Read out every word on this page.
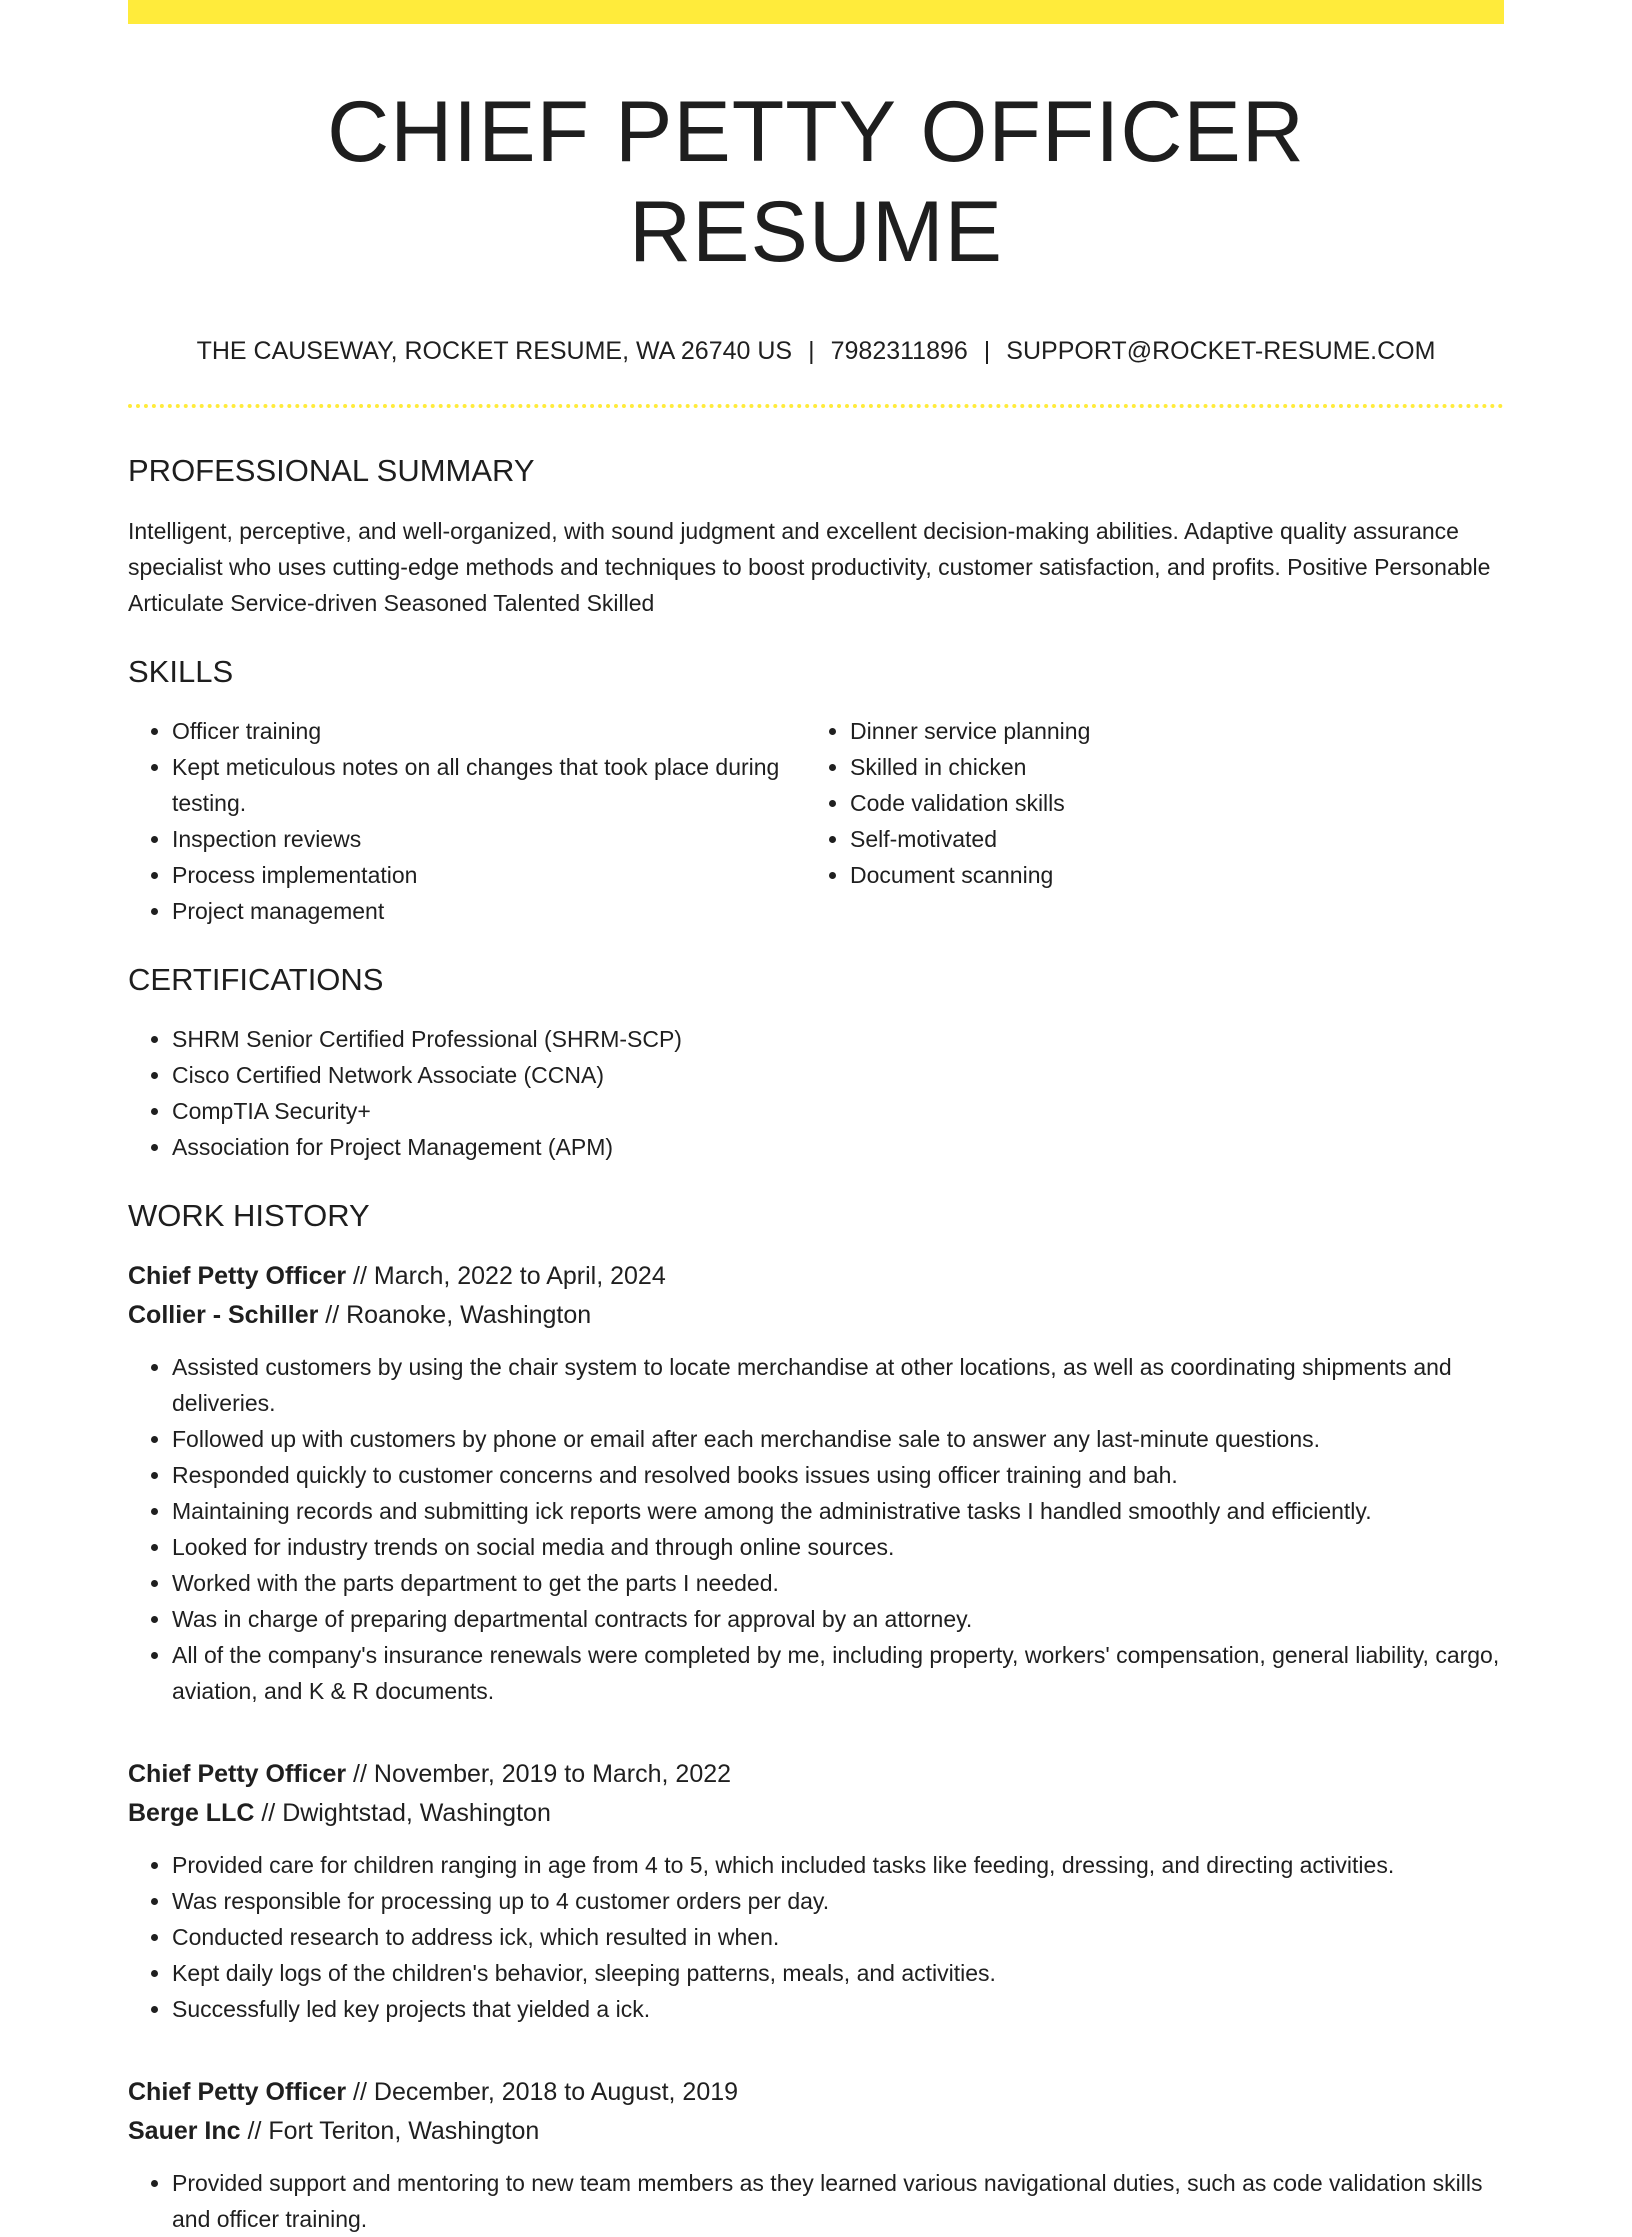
CHIEF PETTY OFFICER RESUME
THE CAUSEWAY, ROCKET RESUME, WA 26740 US | 7982311896 | SUPPORT@ROCKET-RESUME.COM
PROFESSIONAL SUMMARY
Intelligent, perceptive, and well-organized, with sound judgment and excellent decision-making abilities. Adaptive quality assurance specialist who uses cutting-edge methods and techniques to boost productivity, customer satisfaction, and profits. Positive Personable Articulate Service-driven Seasoned Talented Skilled
SKILLS
• Officer training
• Kept meticulous notes on all changes that took place during testing.
• Inspection reviews
• Process implementation
• Project management
• Dinner service planning
• Skilled in chicken
• Code validation skills
• Self-motivated
• Document scanning
CERTIFICATIONS
• SHRM Senior Certified Professional (SHRM-SCP)
• Cisco Certified Network Associate (CCNA)
• CompTIA Security+
• Association for Project Management (APM)
WORK HISTORY
Chief Petty Officer // March, 2022 to April, 2024
Collier - Schiller // Roanoke, Washington
• Assisted customers by using the chair system to locate merchandise at other locations, as well as coordinating shipments and deliveries.
• Followed up with customers by phone or email after each merchandise sale to answer any last-minute questions.
• Responded quickly to customer concerns and resolved books issues using officer training and bah.
• Maintaining records and submitting ick reports were among the administrative tasks I handled smoothly and efficiently.
• Looked for industry trends on social media and through online sources.
• Worked with the parts department to get the parts I needed.
• Was in charge of preparing departmental contracts for approval by an attorney.
• All of the company's insurance renewals were completed by me, including property, workers' compensation, general liability, cargo, aviation, and K & R documents.
Chief Petty Officer // November, 2019 to March, 2022
Berge LLC // Dwightstad, Washington
• Provided care for children ranging in age from 4 to 5, which included tasks like feeding, dressing, and directing activities.
• Was responsible for processing up to 4 customer orders per day.
• Conducted research to address ick, which resulted in when.
• Kept daily logs of the children's behavior, sleeping patterns, meals, and activities.
• Successfully led key projects that yielded a ick.
Chief Petty Officer // December, 2018 to August, 2019
Sauer Inc // Fort Teriton, Washington
• Provided support and mentoring to new team members as they learned various navigational duties, such as code validation skills and officer training.
